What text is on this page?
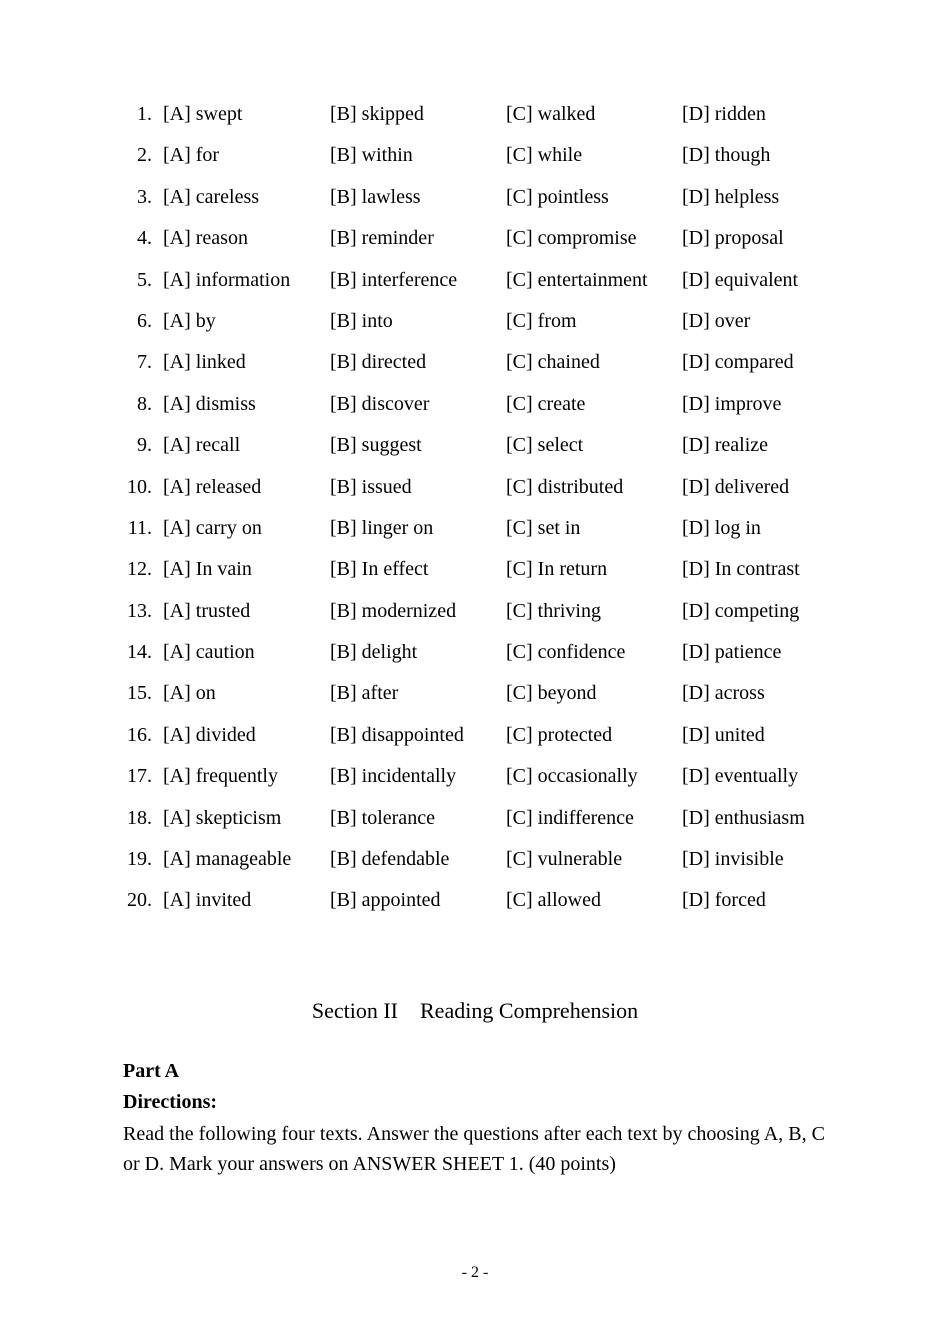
1. [A] swept	[B] skipped	[C] walked	[D] ridden
2. [A] for	[B] within	[C] while	[D] though
3. [A] careless	[B] lawless	[C] pointless	[D] helpless
4. [A] reason	[B] reminder	[C] compromise [D] proposal
5. [A] information [B] interference [C] entertainment [D] equivalent
6. [A] by	[B] into	[C] from	[D] over
7. [A] linked	[B] directed	[C] chained	[D] compared
8. [A] dismiss	[B] discover	[C] create	[D] improve
9. [A] recall	[B] suggest	[C] select	[D] realize
10. [A] released	[B] issued	[C] distributed	[D] delivered
11. [A] carry on	[B] linger on	[C] set in	[D] log in
12. [A] In vain	[B] In effect	[C] In return	[D] In contrast
13. [A] trusted	[B] modernized [C] thriving	[D] competing
14. [A] caution	[B] delight	[C] confidence	[D] patience
15. [A] on	[B] after	[C] beyond	[D] across
16. [A] divided	[B] disappointed [C] protected	[D] united
17. [A] frequently	[B] incidentally [C] occasionally [D] eventually
18. [A] skepticism [B] tolerance	[C] indifference [D] enthusiasm
19. [A] manageable [B] defendable	[C] vulnerable	[D] invisible
20. [A] invited	[B] appointed	[C] allowed	[D] forced
Section II    Reading Comprehension
Part A
Directions:

Read the following four texts. Answer the questions after each text by choosing A, B, C or D. Mark your answers on ANSWER SHEET 1. (40 points)

- 2 -
